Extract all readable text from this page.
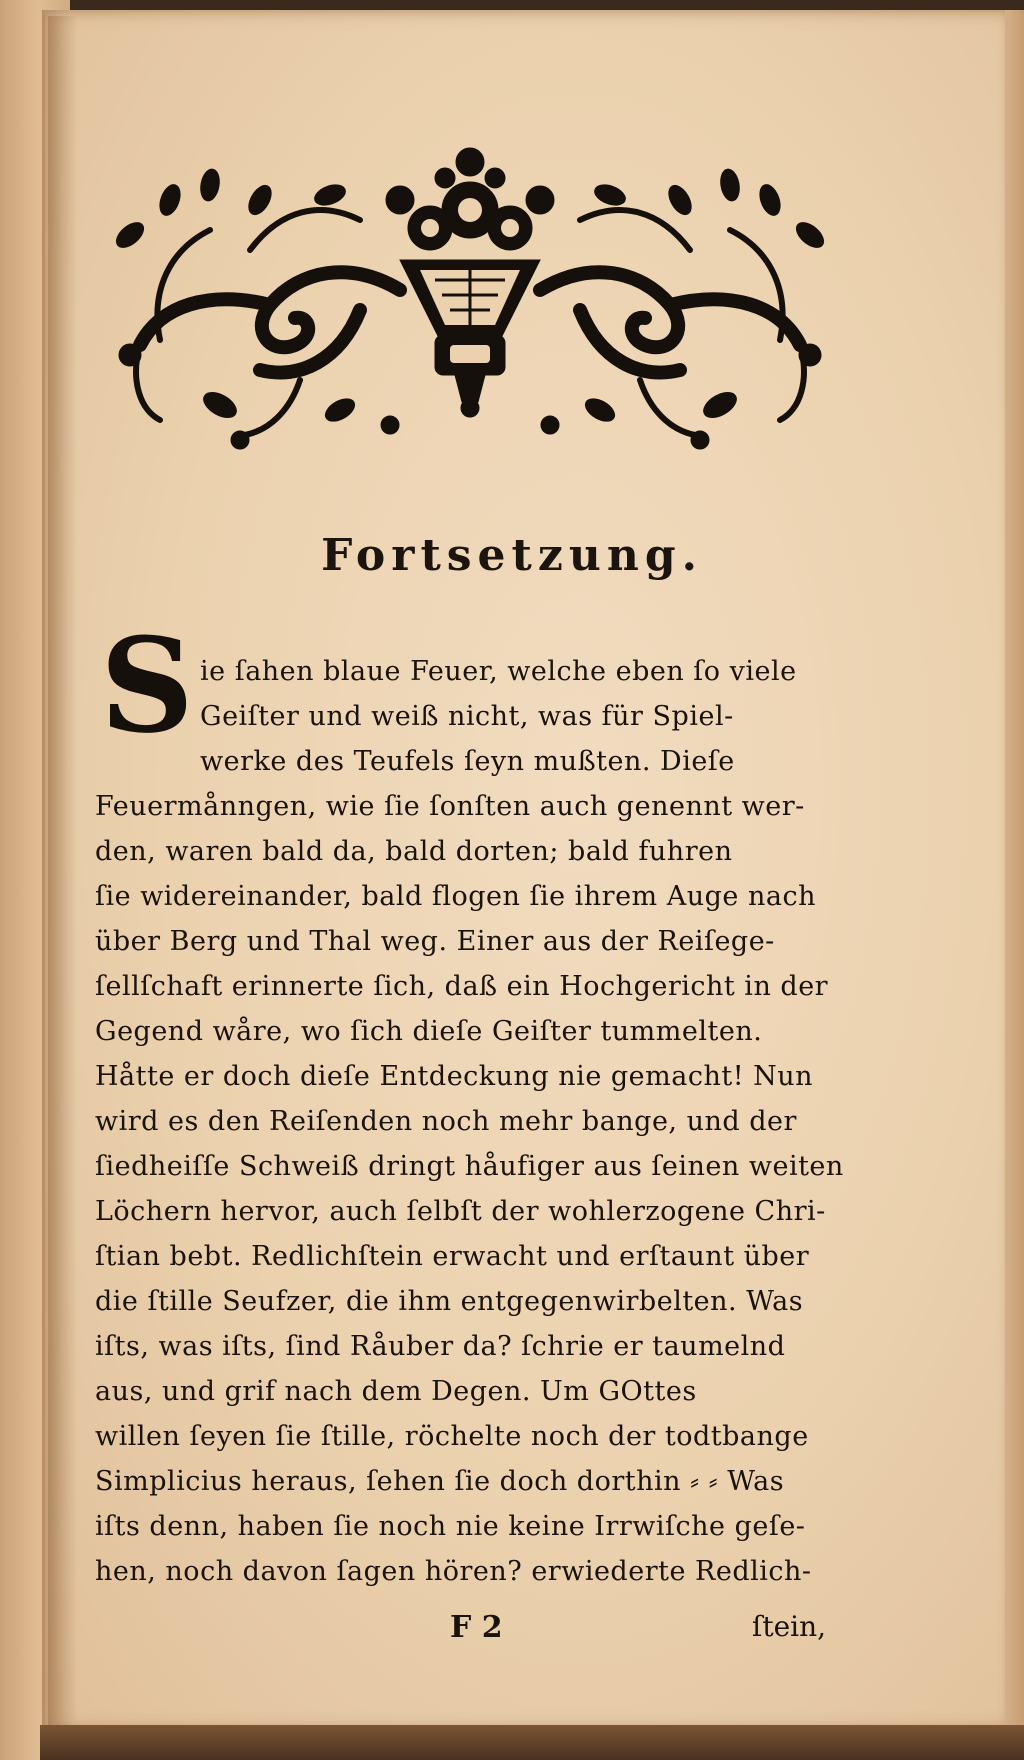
Fortsetzung.
S ie ſahen blaue Feuer, welche eben ſo viele
Geiſter und weiß nicht, was für Spiel-
werke des Teufels ſeyn mußten. Dieſe
Feuermånngen, wie ſie ſonſten auch genennt wer-
den, waren bald da, bald dorten; bald fuhren
ſie widereinander, bald flogen ſie ihrem Auge nach
über Berg und Thal weg. Einer aus der Reiſege-
ſellſchaft erinnerte ſich, daß ein Hochgericht in der
Gegend wåre, wo ſich dieſe Geiſter tummelten.
Håtte er doch dieſe Entdeckung nie gemacht! Nun
wird es den Reiſenden noch mehr bange, und der
ſiedheiſſe Schweiß dringt håufiger aus ſeinen weiten
Löchern hervor, auch ſelbſt der wohlerzogene Chri-
ſtian bebt. Redlichſtein erwacht und erſtaunt über
die ſtille Seufzer, die ihm entgegenwirbelten. Was
iſts, was iſts, ſind Råuber da? ſchrie er taumelnd
aus, und grif nach dem Degen. Um GOttes
willen ſeyen ſie ſtille, röchelte noch der todtbange
Simplicius heraus, ſehen ſie doch dorthin ⸗ ⸗ Was
iſts denn, haben ſie noch nie keine Irrwiſche geſe-
hen, noch davon ſagen hören? erwiederte Redlich-
F 2	ſtein,
